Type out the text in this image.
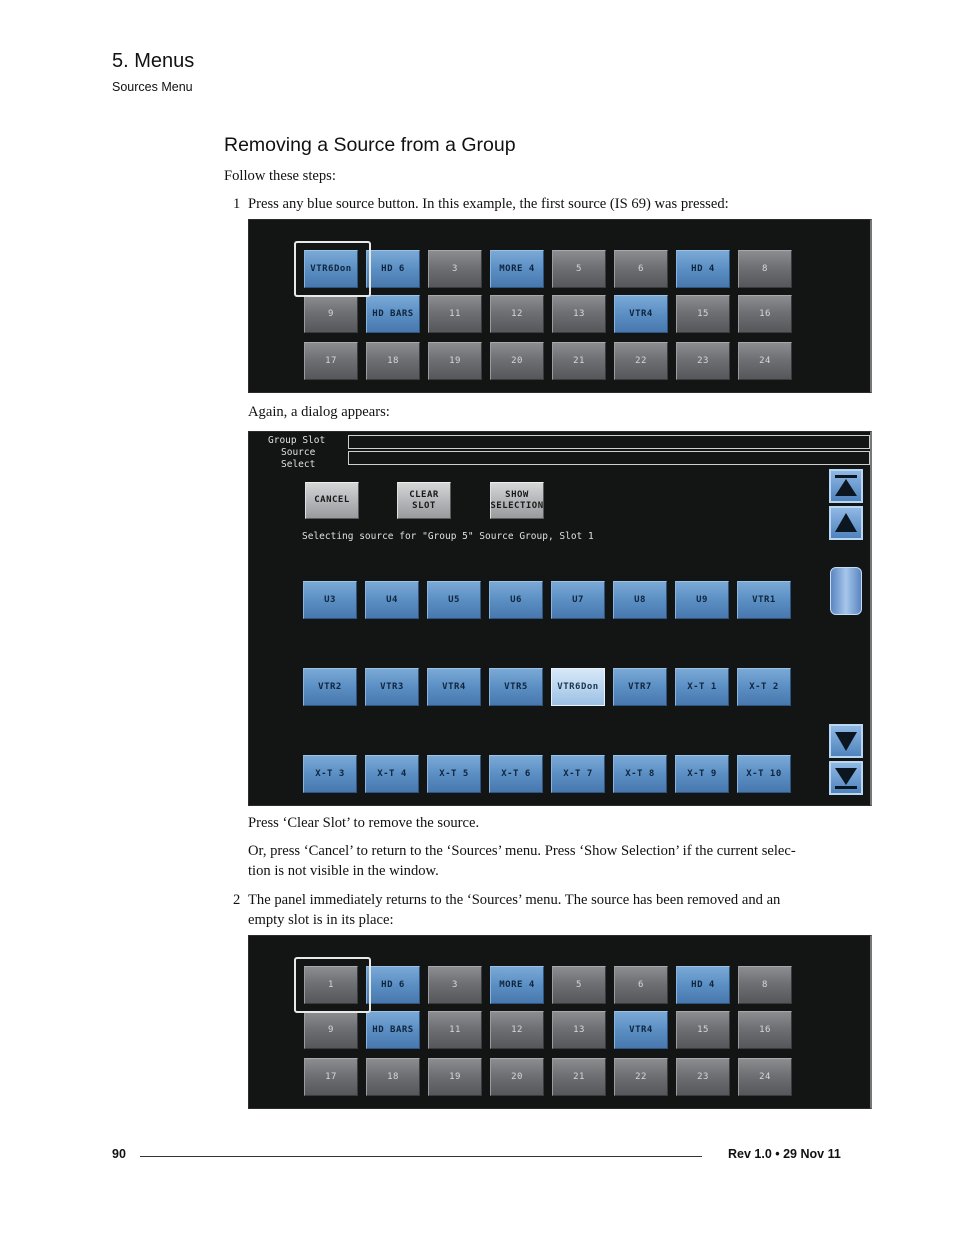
5. Menus
Sources Menu
Removing a Source from a Group
Follow these steps:
1 Press any blue source button. In this example, the first source (IS 69) was pressed:
24
23
22
21
20
19
18
17
16
15
VTR4
13
12
11
HD BARS
9
8
HD 4
6
5
MORE 4
3
HD 6
VTR6Don
Again, a dialog appears:
X-T 10
X-T 9
X-T 8
X-T 7
X-T 6
X-T 5
X-T 4
X-T 3
X-T 2
X-T 1
VTR7
VTR6Don
VTR5
VTR4
VTR3
VTR2
VTR1
U9
U8
U7
U6
U5
U4
U3
Group Slot
Source
Select
CANCEL
CLEAR
SLOT
SHOW
SELECTION
Selecting source for "Group 5" Source Group, Slot 1
Press ‘Clear Slot’ to remove the source.
Or, press ‘Cancel’ to return to the ‘Sources’ menu. Press ‘Show Selection’ if the current selec-
tion is not visible in the window.
2 The panel immediately returns to the ‘Sources’ menu. The source has been removed and an
empty slot is in its place:
24
23
22
21
20
19
18
17
16
15
VTR4
13
12
11
HD BARS
9
8
HD 4
6
5
MORE 4
3
HD 6
1
90	Rev 1.0 • 29 Nov 11
